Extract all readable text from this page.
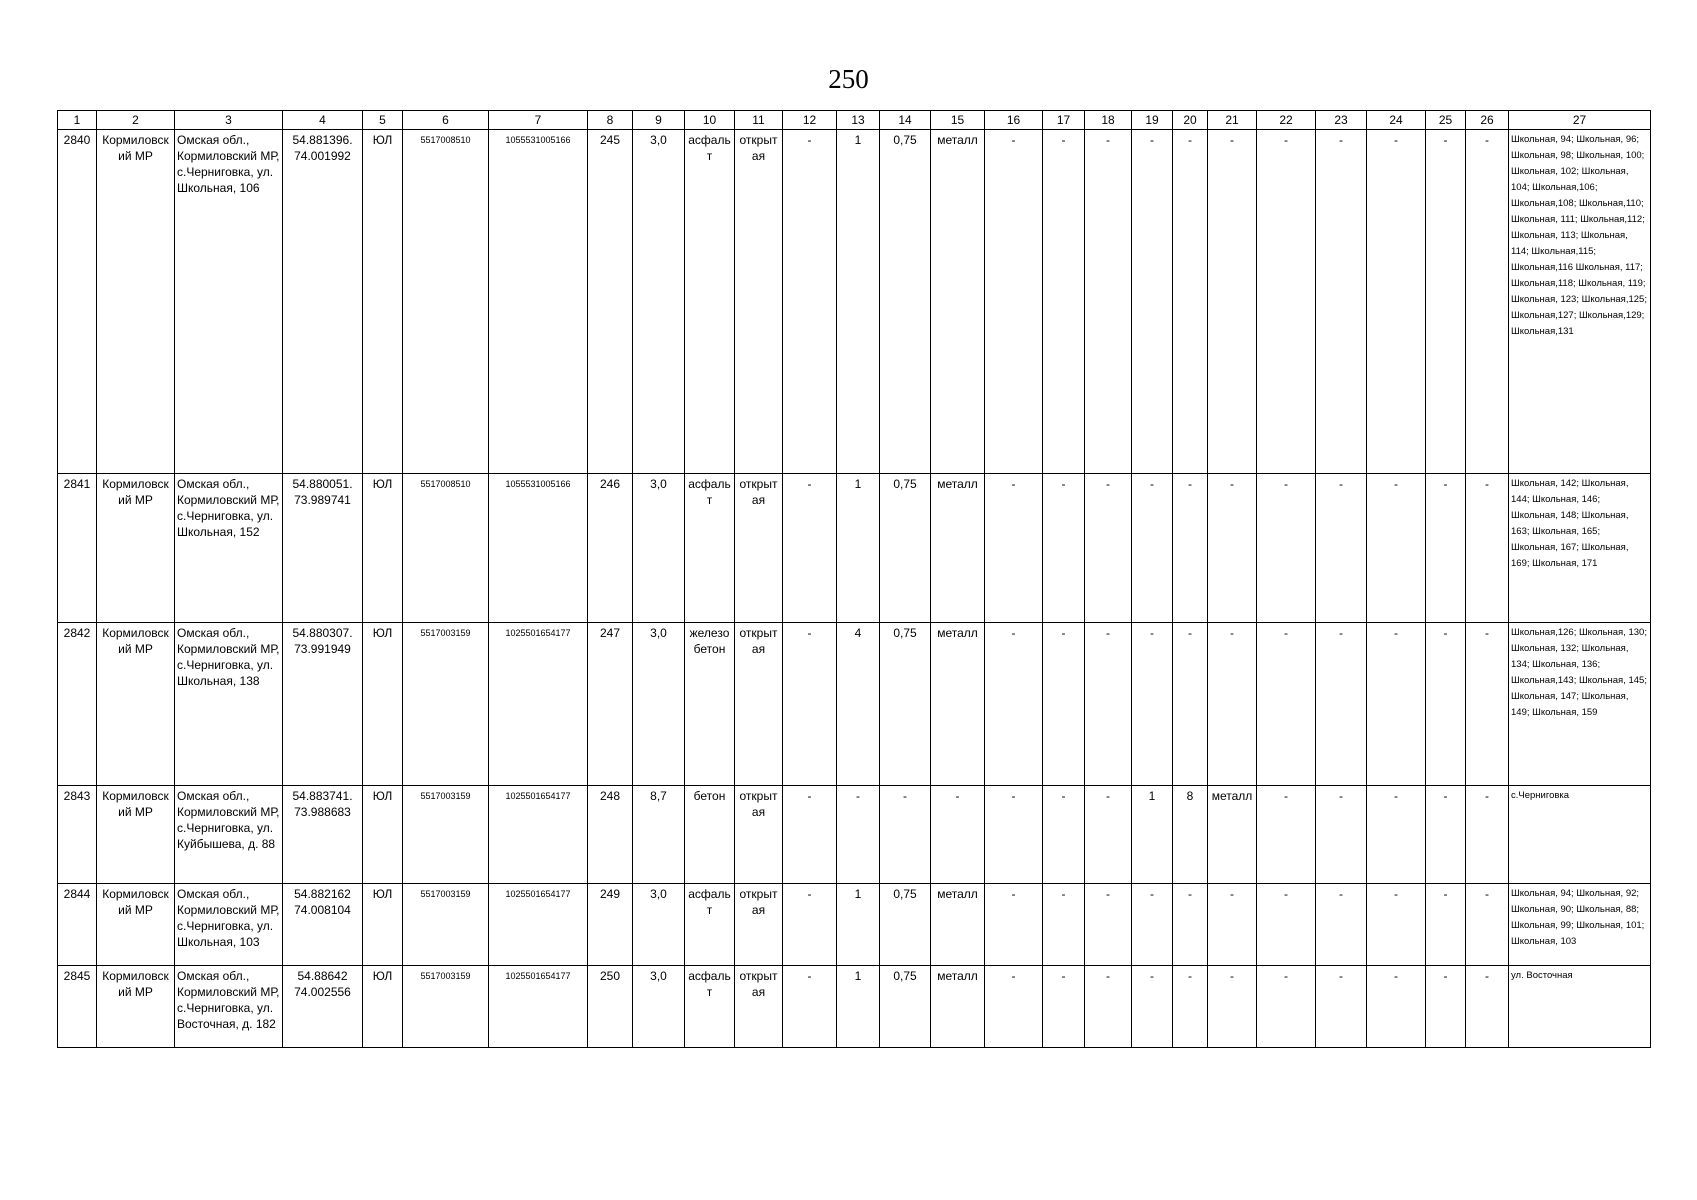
250
1	2	3	4	5	6	7	8	9	10	11	12	13	14	15	16	17	18	19	20	21	22	23	24	25	26	27
2840	Кормиловский МР	Омская обл., Кормиловский МР, с.Черниговка, ул. Школьная, 106	54.881396.
74.001992	ЮЛ	5517008510	1055531005166	245	3,0	асфальт	открытая	-	1	0,75	металл	-	-	-	-	-	-	-	-	-	-	-	Школьная, 94; Школьная, 96; Школьная, 98; Школьная, 100; Школьная, 102; Школьная, 104; Школьная,106; Школьная,108; Школьная,110; Школьная, 111; Школьная,112; Школьная, 113; Школьная, 114; Школьная,115; Школьная,116 Школьная, 117; Школьная,118; Школьная, 119; Школьная, 123; Школьная,125; Школьная,127; Школьная,129; Школьная,131
2841	Кормиловский МР	Омская обл., Кормиловский МР, с.Черниговка, ул. Школьная, 152	54.880051.
73.989741	ЮЛ	5517008510	1055531005166	246	3,0	асфальт	открытая	-	1	0,75	металл	-	-	-	-	-	-	-	-	-	-	-	Школьная, 142; Школьная, 144; Школьная, 146; Школьная, 148; Школьная, 163; Школьная, 165; Школьная, 167; Школьная, 169; Школьная, 171
2842	Кормиловский МР	Омская обл., Кормиловский МР, с.Черниговка, ул. Школьная, 138	54.880307.
73.991949	ЮЛ	5517003159	1025501654177	247	3,0	железобетон	открытая	-	4	0,75	металл	-	-	-	-	-	-	-	-	-	-	-	Школьная,126; Школьная, 130; Школьная, 132; Школьная, 134; Школьная, 136; Школьная,143; Школьная, 145; Школьная, 147; Школьная, 149; Школьная, 159
2843	Кормиловский МР	Омская обл., Кормиловский МР, с.Черниговка, ул. Куйбышева, д. 88	54.883741.
73.988683	ЮЛ	5517003159	1025501654177	248	8,7	бетон	открытая	-	-	-	-	-	-	-	1	8	металл	-	-	-	-	-	с.Черниговка
2844	Кормиловский МР	Омская обл., Кормиловский МР, с.Черниговка, ул. Школьная, 103	54.882162
74.008104	ЮЛ	5517003159	1025501654177	249	3,0	асфальт	открытая	-	1	0,75	металл	-	-	-	-	-	-	-	-	-	-	-	Школьная, 94; Школьная, 92; Школьная, 90; Школьная, 88; Школьная, 99; Школьная, 101; Школьная, 103
2845	Кормиловский МР	Омская обл., Кормиловский МР, с.Черниговка, ул. Восточная, д. 182	54.88642
74.002556	ЮЛ	5517003159	1025501654177	250	3,0	асфальт	открытая	-	1	0,75	металл	-	-	-	-	-	-	-	-	-	-	-	ул. Восточная
